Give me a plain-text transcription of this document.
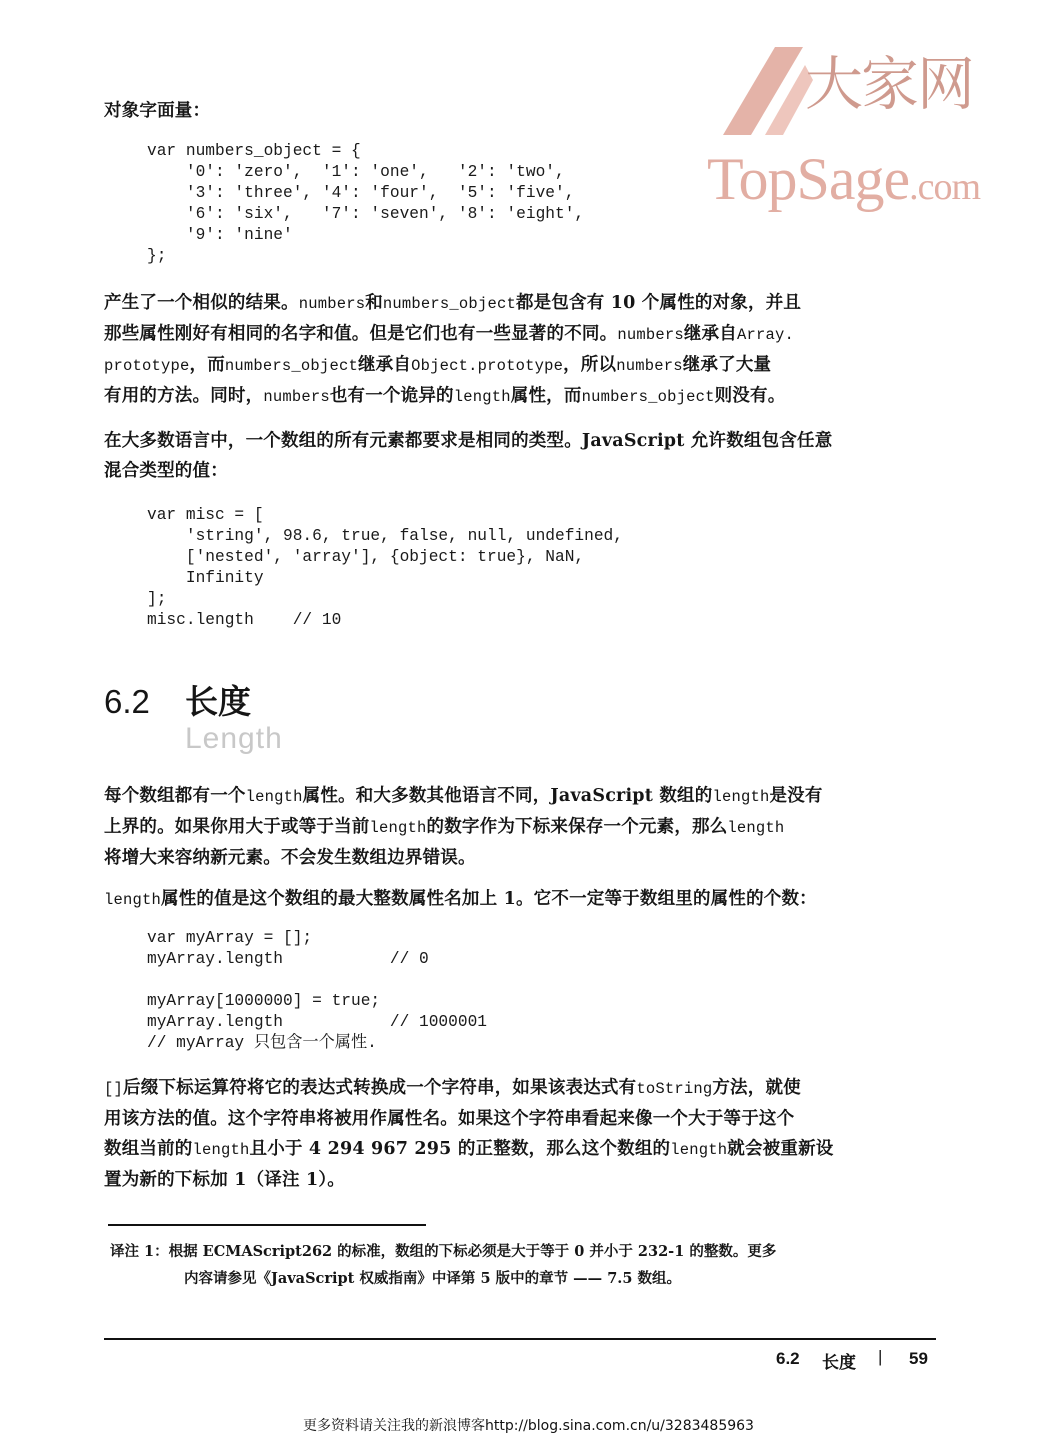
大家网
TopSage.com
对象字面量：
var numbers_object = {
'0': 'zero',  '1': 'one',   '2': 'two',
'3': 'three', '4': 'four',  '5': 'five',
'6': 'six',   '7': 'seven', '8': 'eight',
'9': 'nine'
};
产生了一个相似的结果。numbers和numbers_object都是包含有 10 个属性的对象，并且
那些属性刚好有相同的名字和值。但是它们也有一些显著的不同。numbers继承自Array.
prototype，而numbers_object继承自Object.prototype，所以numbers继承了大量
有用的方法。同时，numbers也有一个诡异的length属性，而numbers_object则没有。
在大多数语言中，一个数组的所有元素都要求是相同的类型。JavaScript 允许数组包含任意
混合类型的值：
var misc = [
'string', 98.6, true, false, null, undefined,
['nested', 'array'], {object: true}, NaN,
Infinity
];
misc.length    // 10
6.2 长度
Length
每个数组都有一个length属性。和大多数其他语言不同，JavaScript 数组的length是没有
上界的。如果你用大于或等于当前length的数字作为下标来保存一个元素，那么length
将增大来容纳新元素。不会发生数组边界错误。
length属性的值是这个数组的最大整数属性名加上 1。它不一定等于数组里的属性的个数：
var myArray = [];
myArray.length           // 0

myArray[1000000] = true;
myArray.length           // 1000001
// myArray 只包含一个属性.
[]后缀下标运算符将它的表达式转换成一个字符串，如果该表达式有toString方法，就使
用该方法的值。这个字符串将被用作属性名。如果这个字符串看起来像一个大于等于这个
数组当前的length且小于 4 294 967 295 的正整数，那么这个数组的length就会被重新设
置为新的下标加 1（译注 1）。
译注 1：根据 ECMAScript262 的标准，数组的下标必须是大于等于 0 并小于 232-1 的整数。更多
内容请参见《JavaScript 权威指南》中译第 5 版中的章节 —— 7.5 数组。
6.2 长度 | 59
更多资料请关注我的新浪博客http://blog.sina.com.cn/u/3283485963
